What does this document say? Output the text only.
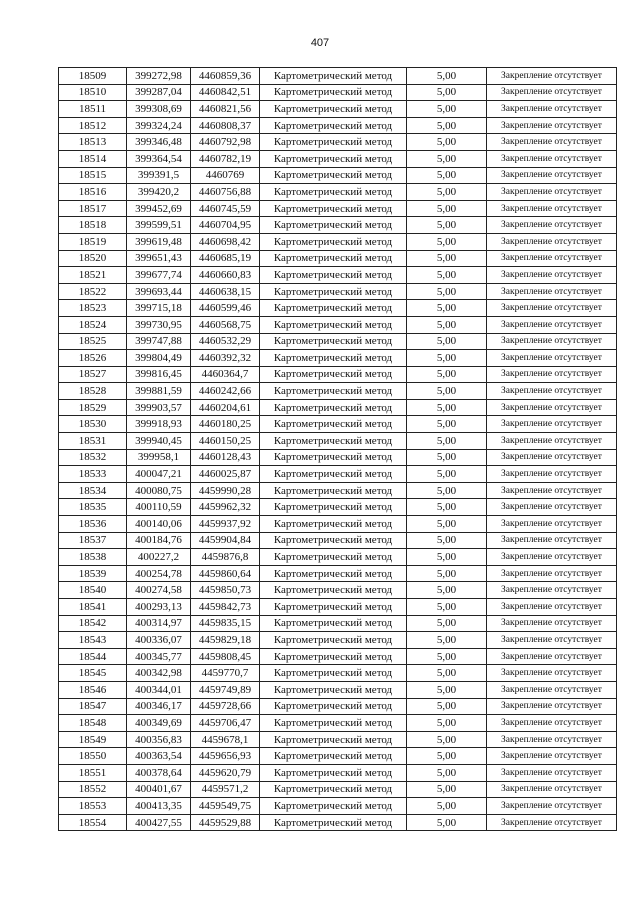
407
18509	399272,98	4460859,36	Картометрический метод	5,00	Закрепление отсутствует
18510	399287,04	4460842,51	Картометрический метод	5,00	Закрепление отсутствует
18511	399308,69	4460821,56	Картометрический метод	5,00	Закрепление отсутствует
18512	399324,24	4460808,37	Картометрический метод	5,00	Закрепление отсутствует
18513	399346,48	4460792,98	Картометрический метод	5,00	Закрепление отсутствует
18514	399364,54	4460782,19	Картометрический метод	5,00	Закрепление отсутствует
18515	399391,5	4460769	Картометрический метод	5,00	Закрепление отсутствует
18516	399420,2	4460756,88	Картометрический метод	5,00	Закрепление отсутствует
18517	399452,69	4460745,59	Картометрический метод	5,00	Закрепление отсутствует
18518	399599,51	4460704,95	Картометрический метод	5,00	Закрепление отсутствует
18519	399619,48	4460698,42	Картометрический метод	5,00	Закрепление отсутствует
18520	399651,43	4460685,19	Картометрический метод	5,00	Закрепление отсутствует
18521	399677,74	4460660,83	Картометрический метод	5,00	Закрепление отсутствует
18522	399693,44	4460638,15	Картометрический метод	5,00	Закрепление отсутствует
18523	399715,18	4460599,46	Картометрический метод	5,00	Закрепление отсутствует
18524	399730,95	4460568,75	Картометрический метод	5,00	Закрепление отсутствует
18525	399747,88	4460532,29	Картометрический метод	5,00	Закрепление отсутствует
18526	399804,49	4460392,32	Картометрический метод	5,00	Закрепление отсутствует
18527	399816,45	4460364,7	Картометрический метод	5,00	Закрепление отсутствует
18528	399881,59	4460242,66	Картометрический метод	5,00	Закрепление отсутствует
18529	399903,57	4460204,61	Картометрический метод	5,00	Закрепление отсутствует
18530	399918,93	4460180,25	Картометрический метод	5,00	Закрепление отсутствует
18531	399940,45	4460150,25	Картометрический метод	5,00	Закрепление отсутствует
18532	399958,1	4460128,43	Картометрический метод	5,00	Закрепление отсутствует
18533	400047,21	4460025,87	Картометрический метод	5,00	Закрепление отсутствует
18534	400080,75	4459990,28	Картометрический метод	5,00	Закрепление отсутствует
18535	400110,59	4459962,32	Картометрический метод	5,00	Закрепление отсутствует
18536	400140,06	4459937,92	Картометрический метод	5,00	Закрепление отсутствует
18537	400184,76	4459904,84	Картометрический метод	5,00	Закрепление отсутствует
18538	400227,2	4459876,8	Картометрический метод	5,00	Закрепление отсутствует
18539	400254,78	4459860,64	Картометрический метод	5,00	Закрепление отсутствует
18540	400274,58	4459850,73	Картометрический метод	5,00	Закрепление отсутствует
18541	400293,13	4459842,73	Картометрический метод	5,00	Закрепление отсутствует
18542	400314,97	4459835,15	Картометрический метод	5,00	Закрепление отсутствует
18543	400336,07	4459829,18	Картометрический метод	5,00	Закрепление отсутствует
18544	400345,77	4459808,45	Картометрический метод	5,00	Закрепление отсутствует
18545	400342,98	4459770,7	Картометрический метод	5,00	Закрепление отсутствует
18546	400344,01	4459749,89	Картометрический метод	5,00	Закрепление отсутствует
18547	400346,17	4459728,66	Картометрический метод	5,00	Закрепление отсутствует
18548	400349,69	4459706,47	Картометрический метод	5,00	Закрепление отсутствует
18549	400356,83	4459678,1	Картометрический метод	5,00	Закрепление отсутствует
18550	400363,54	4459656,93	Картометрический метод	5,00	Закрепление отсутствует
18551	400378,64	4459620,79	Картометрический метод	5,00	Закрепление отсутствует
18552	400401,67	4459571,2	Картометрический метод	5,00	Закрепление отсутствует
18553	400413,35	4459549,75	Картометрический метод	5,00	Закрепление отсутствует
18554	400427,55	4459529,88	Картометрический метод	5,00	Закрепление отсутствует
